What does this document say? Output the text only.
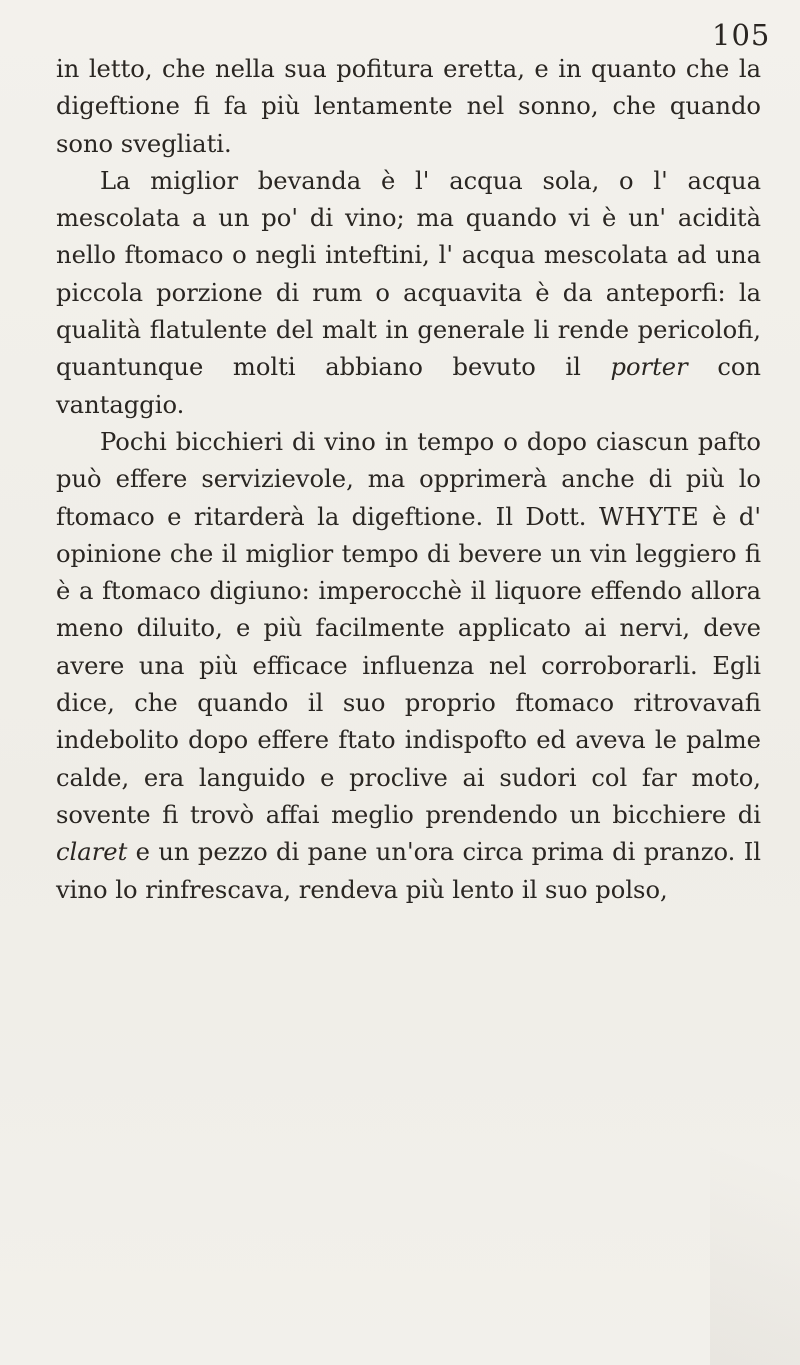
105

in letto, che nella sua pofitura eretta, e in quanto che la digeftione fi fa più lentamente nel sonno, che quando sono svegliati.

La miglior bevanda è l' acqua sola, o l' acqua mescolata a un po' di vino; ma quando vi è un' acidità nello ftomaco o negli inteftini, l' acqua mescolata ad una piccola porzione di rum o acquavita è da anteporfi: la qualità flatulente del malt in generale li rende pericolofi, quantunque molti abbiano bevuto il porter con vantaggio.

Pochi bicchieri di vino in tempo o dopo ciascun pafto può effere servizievole, ma opprimerà anche di più lo ftomaco e ritarderà la digeftione. Il Dott. WHYTE è d' opinione che il miglior tempo di bevere un vin leggiero fi è a ftomaco digiuno: imperocchè il liquore effendo allora meno diluito, e più facilmente applicato ai nervi, deve avere una più efficace influenza nel corroborarli. Egli dice, che quando il suo proprio ftomaco ritrovavafi indebolito dopo effere ftato indispofto ed aveva le palme calde, era languido e proclive ai sudori col far moto, sovente fi trovò affai meglio prendendo un bicchiere di claret e un pezzo di pane un'ora circa prima di pranzo. Il vino lo rinfrescava, rendeva più lento il suo polso,
